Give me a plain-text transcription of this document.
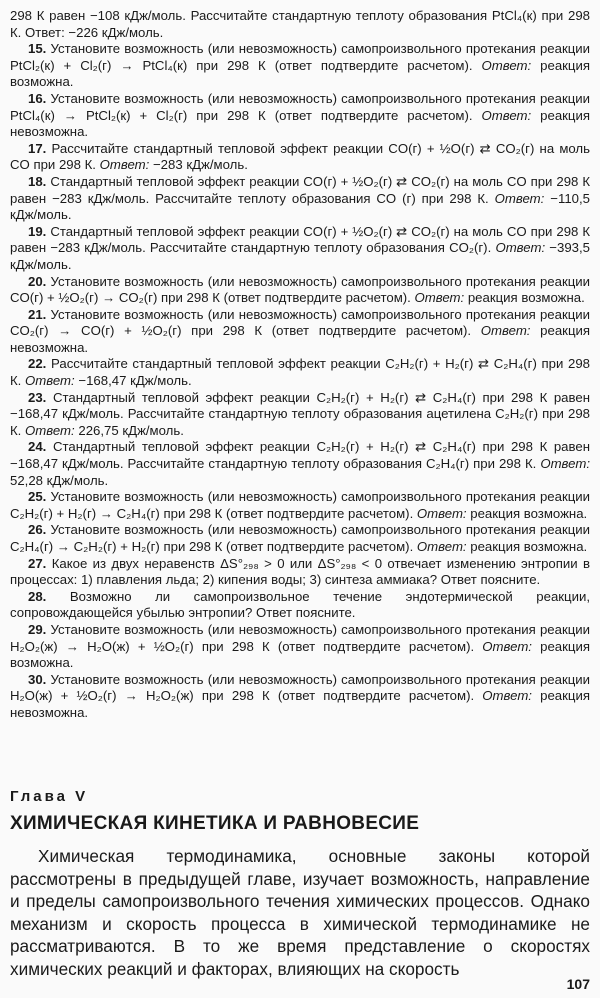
298 К равен −108 кДж/моль. Рассчитайте стандартную теплоту образования PtCl₄(к) при 298 К. Ответ: −226 кДж/моль.

15. Установите возможность (или невозможность) самопроизвольного протекания реакции PtCl₂(к) + Cl₂(г) → PtCl₄(к) при 298 К (ответ подтвердите расчетом). Ответ: реакция возможна.

16. Установите возможность (или невозможность) самопроизвольного протекания реакции PtCl₄(к) → PtCl₂(к) + Cl₂(г) при 298 К (ответ подтвердите расчетом). Ответ: реакция невозможна.

17. Рассчитайте стандартный тепловой эффект реакции CO(г) + ½O(г) ⇄ CO₂(г) на моль CO при 298 К. Ответ: −283 кДж/моль.

18. Стандартный тепловой эффект реакции CO(г) + ½O₂(г) ⇄ CO₂(г) на моль CO при 298 К равен −283 кДж/моль. Рассчитайте теплоту образования CO (г) при 298 К. Ответ: −110,5 кДж/моль.

19. Стандартный тепловой эффект реакции CO(г) + ½O₂(г) ⇄ CO₂(г) на моль CO при 298 К равен −283 кДж/моль. Рассчитайте стандартную теплоту образования CO₂(г). Ответ: −393,5 кДж/моль.

20. Установите возможность (или невозможность) самопроизвольного протекания реакции CO(г) + ½O₂(г) → CO₂(г) при 298 К (ответ подтвердите расчетом). Ответ: реакция возможна.

21. Установите возможность (или невозможность) самопроизвольного протекания реакции CO₂(г) → CO(г) + ½O₂(г) при 298 К (ответ подтвердите расчетом). Ответ: реакция невозможна.

22. Рассчитайте стандартный тепловой эффект реакции C₂H₂(г) + H₂(г) ⇄ C₂H₄(г) при 298 К. Ответ: −168,47 кДж/моль.

23. Стандартный тепловой эффект реакции C₂H₂(г) + H₂(г) ⇄ C₂H₄(г) при 298 К равен −168,47 кДж/моль. Рассчитайте стандартную теплоту образования ацетилена C₂H₂(г) при 298 К. Ответ: 226,75 кДж/моль.

24. Стандартный тепловой эффект реакции C₂H₂(г) + H₂(г) ⇄ C₂H₄(г) при 298 К равен −168,47 кДж/моль. Рассчитайте стандартную теплоту образования C₂H₄(г) при 298 К. Ответ: 52,28 кДж/моль.

25. Установите возможность (или невозможность) самопроизвольного протекания реакции C₂H₂(г) + H₂(г) → C₂H₄(г) при 298 К (ответ подтвердите расчетом). Ответ: реакция возможна.

26. Установите возможность (или невозможность) самопроизвольного протекания реакции C₂H₄(г) → C₂H₂(г) + H₂(г) при 298 К (ответ подтвердите расчетом). Ответ: реакция возможна.

27. Какое из двух неравенств ΔS°₂₉₈ > 0 или ΔS°₂₉₈ < 0 отвечает изменению энтропии в процессах: 1) плавления льда; 2) кипения воды; 3) синтеза аммиака? Ответ поясните.

28. Возможно ли самопроизвольное течение эндотермической реакции, сопровождающейся убылью энтропии? Ответ поясните.

29. Установите возможность (или невозможность) самопроизвольного протекания реакции H₂O₂(ж) → H₂O(ж) + ½O₂(г) при 298 К (ответ подтвердите расчетом). Ответ: реакция возможна.

30. Установите возможность (или невозможность) самопроизвольного протекания реакции H₂O(ж) + ½O₂(г) → H₂O₂(ж) при 298 К (ответ подтвердите расчетом). Ответ: реакция невозможна.

Глава V
ХИМИЧЕСКАЯ КИНЕТИКА И РАВНОВЕСИЕ

Химическая термодинамика, основные законы которой рассмотрены в предыдущей главе, изучает возможность, направление и пределы самопроизвольного течения химических процессов. Однако механизм и скорость процесса в химической термодинамике не рассматриваются. В то же время представление о скоростях химических реакций и факторах, влияющих на скорость

107
